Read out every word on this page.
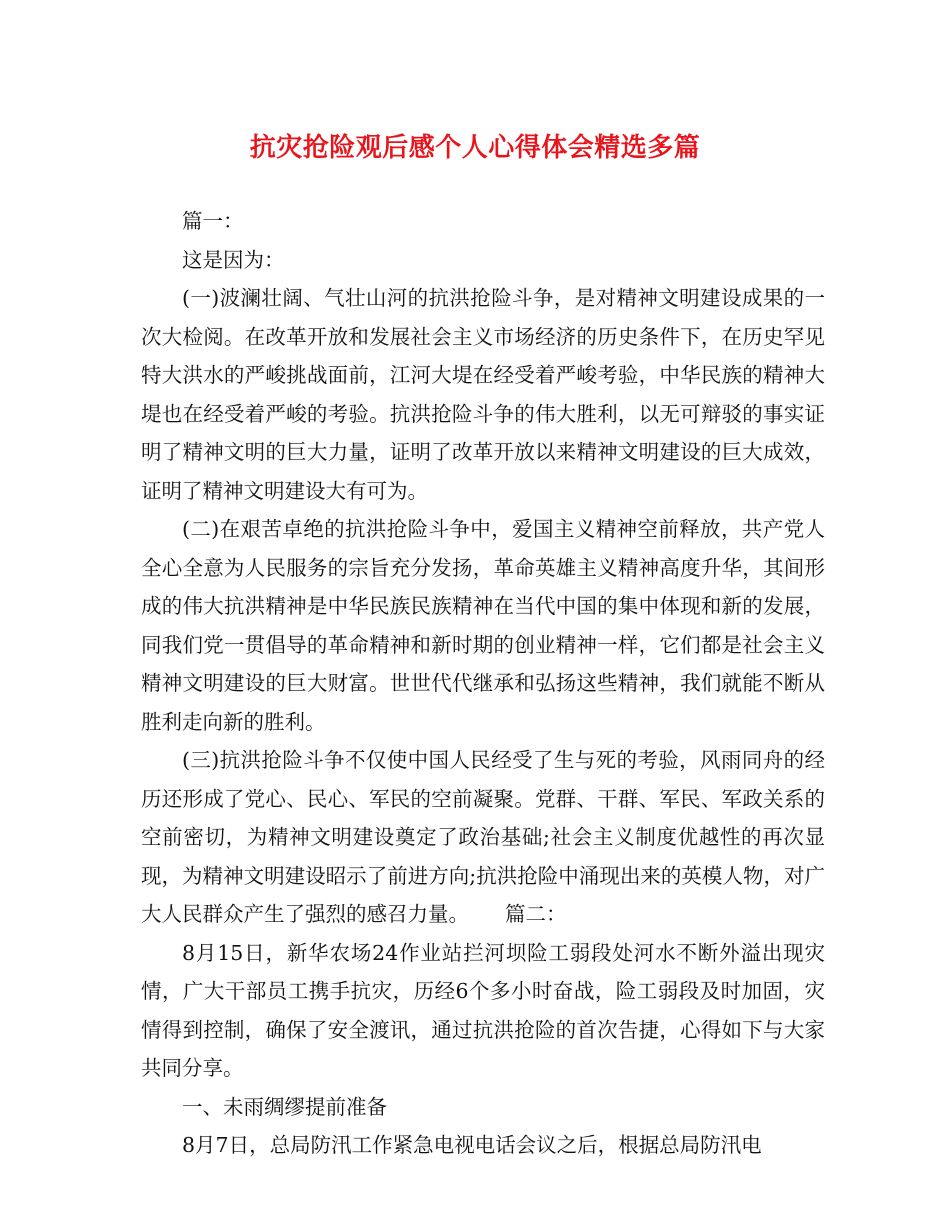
抗灾抢险观后感个人心得体会精选多篇

篇一：

这是因为：

(一)波澜壮阔、气壮山河的抗洪抢险斗争，是对精神文明建设成果的一次大检阅。在改革开放和发展社会主义市场经济的历史条件下，在历史罕见特大洪水的严峻挑战面前，江河大堤在经受着严峻考验，中华民族的精神大堤也在经受着严峻的考验。抗洪抢险斗争的伟大胜利，以无可辩驳的事实证明了精神文明的巨大力量，证明了改革开放以来精神文明建设的巨大成效，证明了精神文明建设大有可为。

(二)在艰苦卓绝的抗洪抢险斗争中，爱国主义精神空前释放，共产党人全心全意为人民服务的宗旨充分发扬，革命英雄主义精神高度升华，其间形成的伟大抗洪精神是中华民族民族精神在当代中国的集中体现和新的发展，同我们党一贯倡导的革命精神和新时期的创业精神一样，它们都是社会主义精神文明建设的巨大财富。世世代代继承和弘扬这些精神，我们就能不断从胜利走向新的胜利。

(三)抗洪抢险斗争不仅使中国人民经受了生与死的考验，风雨同舟的经历还形成了党心、民心、军民的空前凝聚。党群、干群、军民、军政关系的空前密切，为精神文明建设奠定了政治基础;社会主义制度优越性的再次显现，为精神文明建设昭示了前进方向;抗洪抢险中涌现出来的英模人物，对广大人民群众产生了强烈的感召力量。 篇二：

8月15日，新华农场24作业站拦河坝险工弱段处河水不断外溢出现灾情，广大干部员工携手抗灾，历经6个多小时奋战，险工弱段及时加固，灾情得到控制，确保了安全渡讯，通过抗洪抢险的首次告捷，心得如下与大家共同分享。

一、未雨绸缪提前准备

8月7日，总局防汛工作紧急电视电话会议之后，根据总局防汛电
